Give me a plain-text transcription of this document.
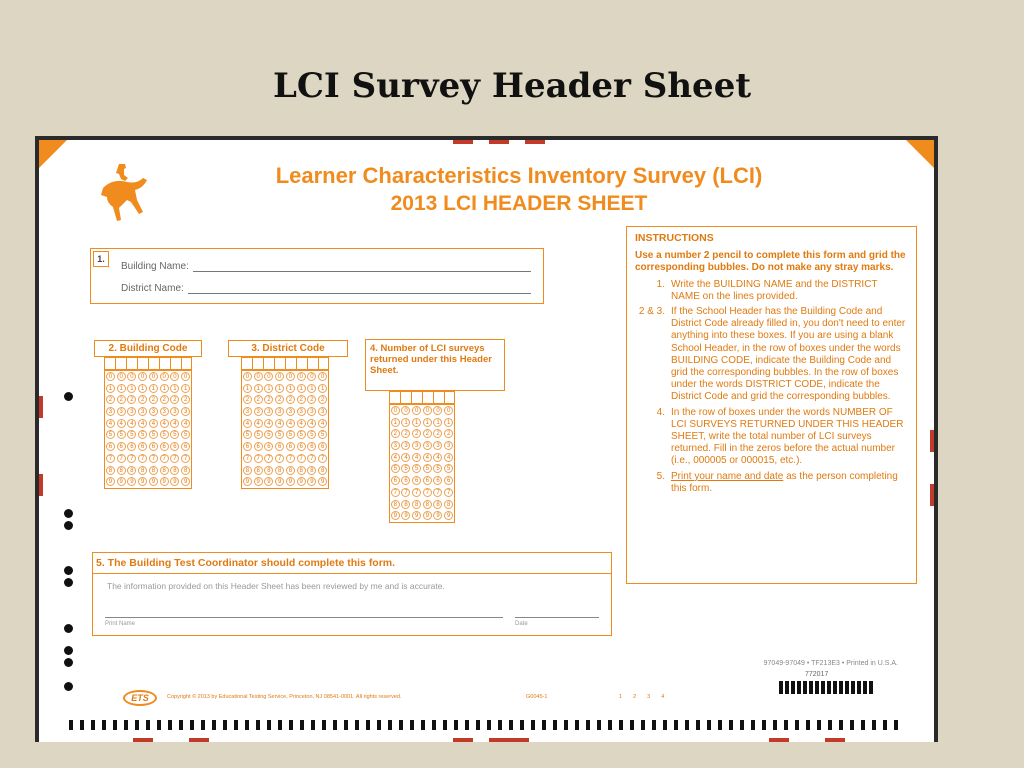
LCI Survey Header Sheet
Learner Characteristics Inventory Survey (LCI)
2013 LCI HEADER SHEET
1.
Building Name:
District Name:
2. Building Code
0	0	0	0	0	0	0	0
1	1	1	1	1	1	1	1
2	2	2	2	2	2	2	2
3	3	3	3	3	3	3	3
4	4	4	4	4	4	4	4
5	5	5	5	5	5	5	5
6	6	6	6	6	6	6	6
7	7	7	7	7	7	7	7
8	8	8	8	8	8	8	8
9	9	9	9	9	9	9	9
3. District Code
0	0	0	0	0	0	0	0
1	1	1	1	1	1	1	1
2	2	2	2	2	2	2	2
3	3	3	3	3	3	3	3
4	4	4	4	4	4	4	4
5	5	5	5	5	5	5	5
6	6	6	6	6	6	6	6
7	7	7	7	7	7	7	7
8	8	8	8	8	8	8	8
9	9	9	9	9	9	9	9
4. Number of LCI surveys returned under this Header Sheet.
0	0	0	0	0	0
1	1	1	1	1	1
2	2	2	2	2	2
3	3	3	3	3	3
4	4	4	4	4	4
5	5	5	5	5	5
6	6	6	6	6	6
7	7	7	7	7	7
8	8	8	8	8	8
9	9	9	9	9	9
5. The Building Test Coordinator should complete this form.
The information provided on this Header Sheet has been reviewed by me and is accurate.
Print Name	Date
INSTRUCTIONS
Use a number 2 pencil to complete this form and grid the corresponding bubbles. Do not make any stray marks.
1. Write the BUILDING NAME and the DISTRICT NAME on the lines provided.
2 & 3. If the School Header has the Building Code and District Code already filled in, you don't need to enter anything into these boxes. If you are using a blank School Header, in the row of boxes under the words BUILDING CODE, indicate the Building Code and grid the corresponding bubbles. In the row of boxes under the words DISTRICT CODE, indicate the District Code and grid the corresponding bubbles.
4. In the row of boxes under the words NUMBER OF LCI SURVEYS RETURNED UNDER THIS HEADER SHEET, write the total number of LCI surveys returned. Fill in the zeros before the actual number (i.e., 000005 or 000015, etc.).
5. Print your name and date as the person completing this form.
97049-97049 • TF213E3 • Printed in U.S.A.
772017
ETS	Copyright © 2013 by Educational Testing Service, Princeton, NJ 08541-0001. All rights reserved.	G0045-1	1 2 3 4
